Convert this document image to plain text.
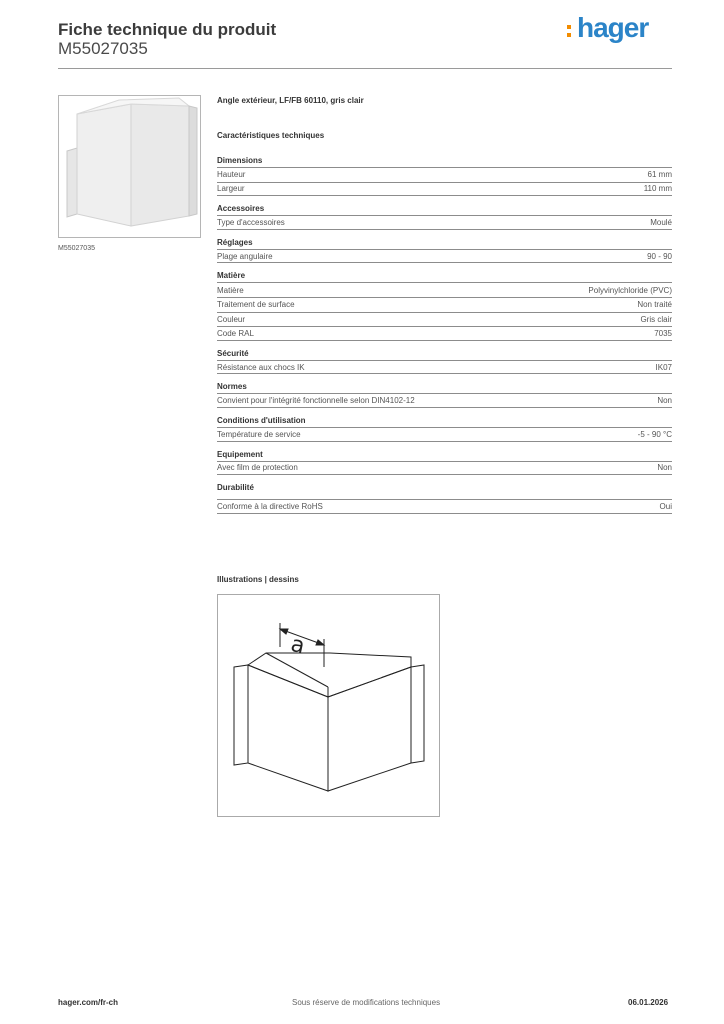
Fiche technique du produit
M55027035
hager
M55027035
Angle extérieur, LF/FB 60110, gris clair
Caractéristiques techniques
Dimensions
Hauteur	61 mm
Largeur	110 mm
Accessoires
Type d'accessoires	Moulé
Réglages
Plage angulaire	90 - 90
Matière
Matière	Polyvinylchloride (PVC)
Traitement de surface	Non traité
Couleur	Gris clair
Code RAL	7035
Sécurité
Résistance aux chocs IK	IK07
Normes
Convient pour l'intégrité fonctionnelle selon DIN4102-12	Non
Conditions d'utilisation
Température de service	-5 - 90 °C
Equipement
Avec film de protection	Non
Durabilité
Conforme à la directive RoHS	Oui
Illustrations | dessins
a
hager.com/fr-ch	Sous réserve de modifications techniques	06.01.2026
